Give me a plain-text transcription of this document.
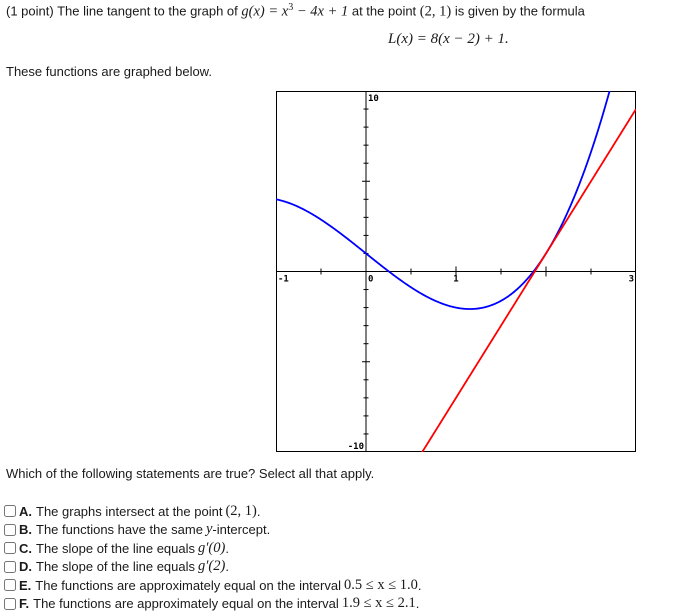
(1 point) The line tangent to the graph of $g(x) = x^3 - 4x + 1$ at the point (2, 1) is given by the formula
L(x) = 8(x − 2) + 1.
These functions are graphed below.
-1	3
10
-10
0	1
Which of the following statements are true? Select all that apply.
A. The graphs intersect at the point (2, 1) .
B. The functions have the same y -intercept.
C. The slope of the line equals g′(0) .
D. The slope of the line equals g′(2) .
E. The functions are approximately equal on the interval 0.5 ≤ x ≤ 1.0 .
F. The functions are approximately equal on the interval 1.9 ≤ x ≤ 2.1 .
